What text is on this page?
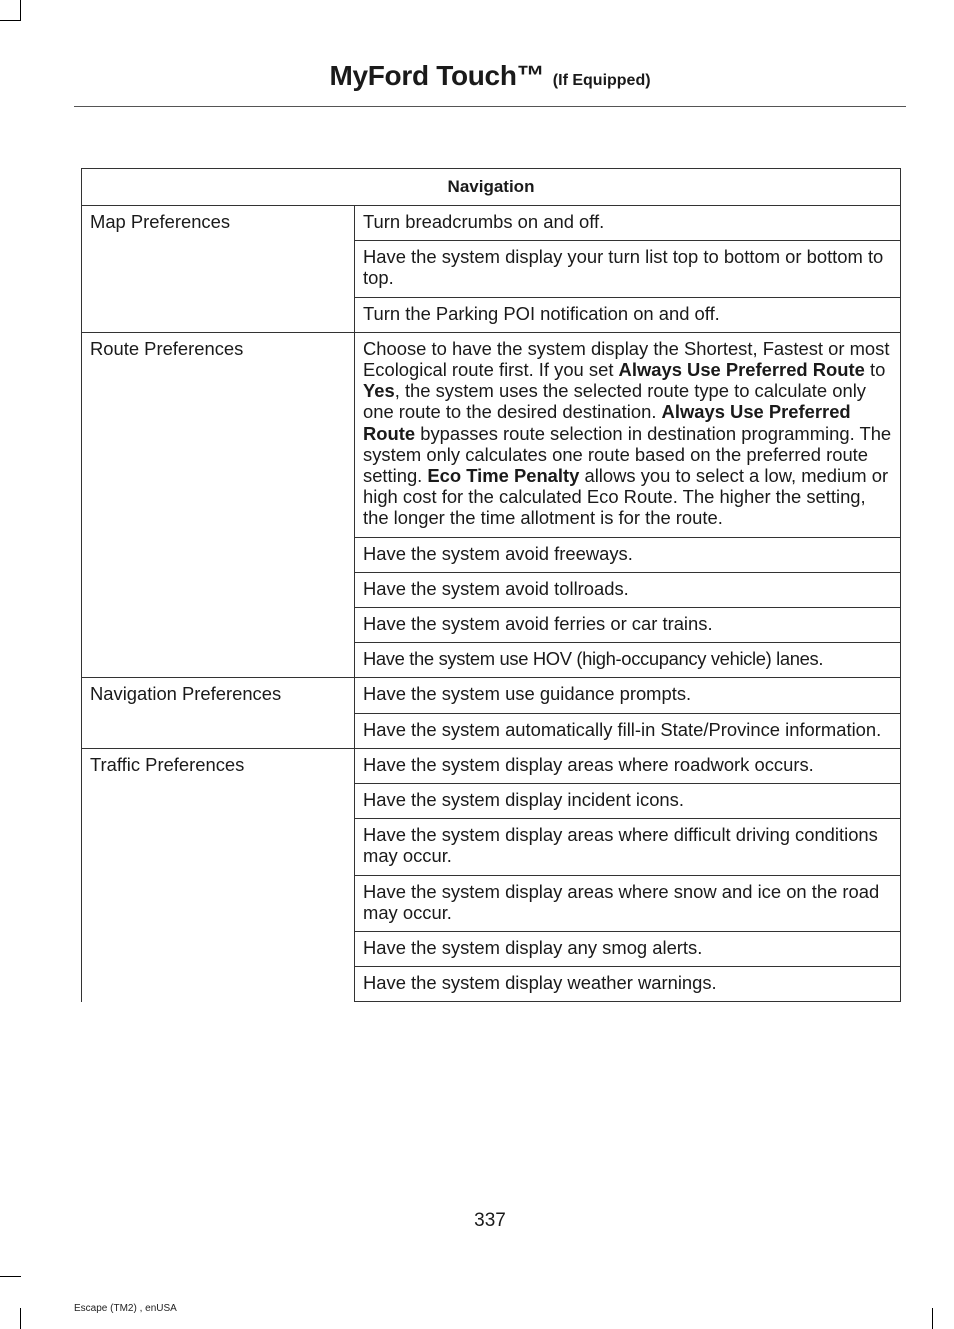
MyFord Touch™ (If Equipped)
Navigation	
Map Preferences	Turn breadcrumbs on and off.
	Have the system display your turn list top to bottom or bottom to top.
	Turn the Parking POI notification on and off.
Route Preferences	Choose to have the system display the Shortest, Fastest or most Ecological route first. If you set Always Use Preferred Route to Yes, the system uses the selected route type to calculate only one route to the desired destination. Always Use Preferred Route bypasses route selection in destination programming. The system only calculates one route based on the preferred route setting. Eco Time Penalty allows you to select a low, medium or high cost for the calculated Eco Route. The higher the setting, the longer the time allotment is for the route.
	Have the system avoid freeways.
	Have the system avoid tollroads.
	Have the system avoid ferries or car trains.
	Have the system use HOV (high-occupancy vehicle) lanes.
Navigation Preferences	Have the system use guidance prompts.
	Have the system automatically fill-in State/Province information.
Traffic Preferences	Have the system display areas where roadwork occurs.
	Have the system display incident icons.
	Have the system display areas where difficult driving conditions may occur.
	Have the system display areas where snow and ice on the road may occur.
	Have the system display any smog alerts.
	Have the system display weather warnings.
337
Escape (TM2) , enUSA
